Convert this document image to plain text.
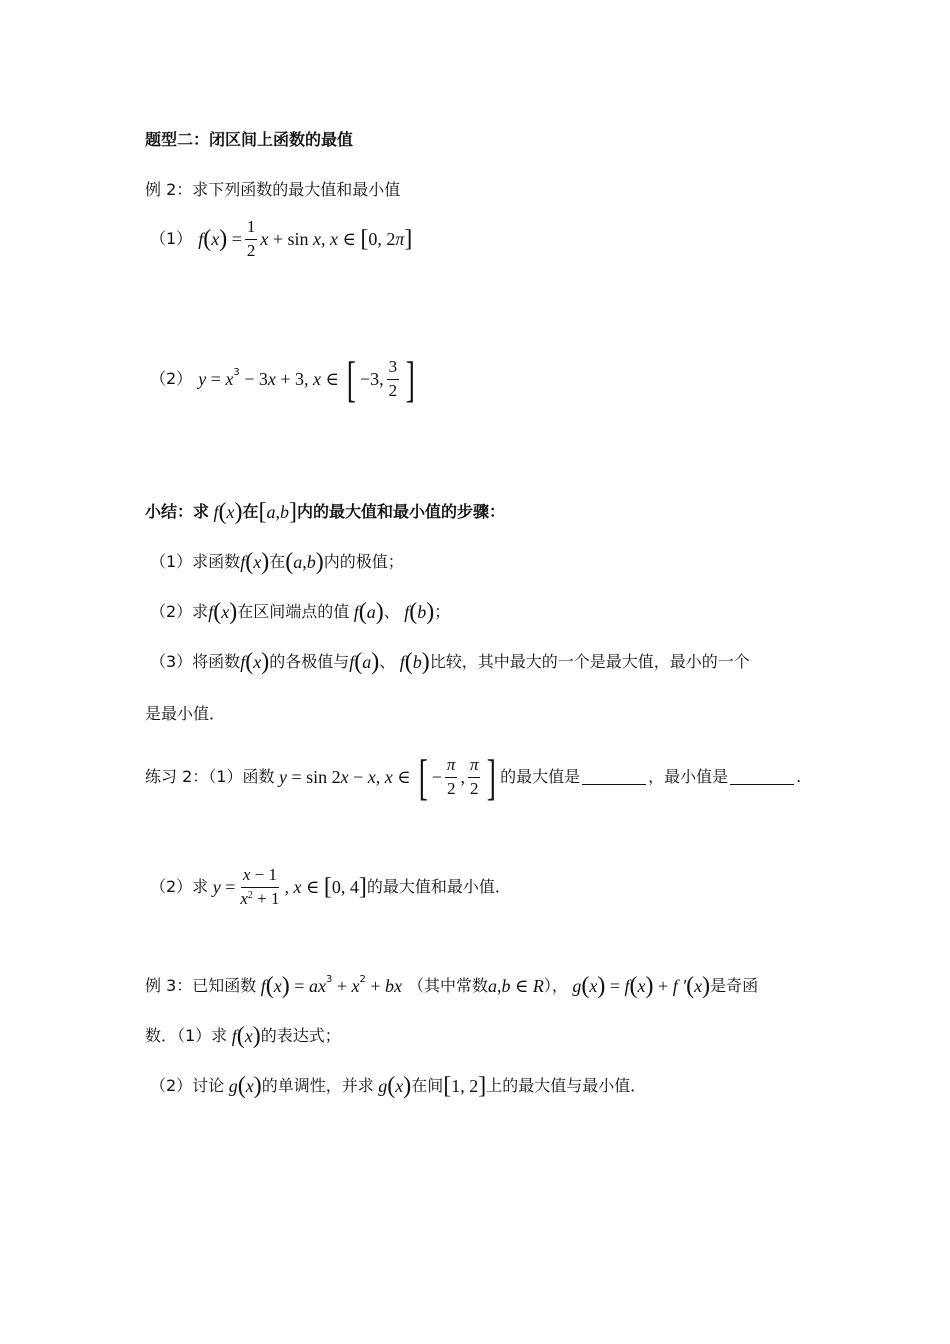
题型二：闭区间上函数的最值
例 2：求下列函数的最大值和最小值
（1） f ( x ) = $\frac{1}{2}$ x + sin x , x ∈ [ 0, 2 π ]
（2） $y = x^3 - 3$ x + 3, x ∈ [ −3, $\frac{3}{2}$ ]
小结：求 f ( x ) 在 [ a , b ] 内的最大值和最小值的步骤：
（1）求函数 f ( x ) 在 ( a , b ) 内的极值；
（2）求 f ( x ) 在区间端点的值 f ( a ) 、 f ( b ) ；
（3）将函数 f ( x ) 的各极值与 f ( a ) 、 f ( b ) 比较，其中最大的一个是最大值，最小的一个
是最小值．
练习 2：（1）函数 y = sin 2 x − x , x ∈ [ − $\frac{\pi}{2}$ , $\frac{\pi}{2}$ ] 的最大值是	，最小值是	.
（2）求 $y = \frac{x - 1}{x^2 + 1}$ , x ∈ [ 0, 4 ] 的最大值和最小值．
例 3：已知函数 f ( x ) = $ax^3 + x^2$ + bx （其中常数 a , b ∈ R ）， g ( x ) = f ( x ) + f ′ ( x ) 是奇函
数．（1）求 f ( x ) 的表达式；
（2）讨论 g ( x ) 的单调性，并求 g ( x ) 在间 [ 1, 2 ] 上的最大值与最小值．
